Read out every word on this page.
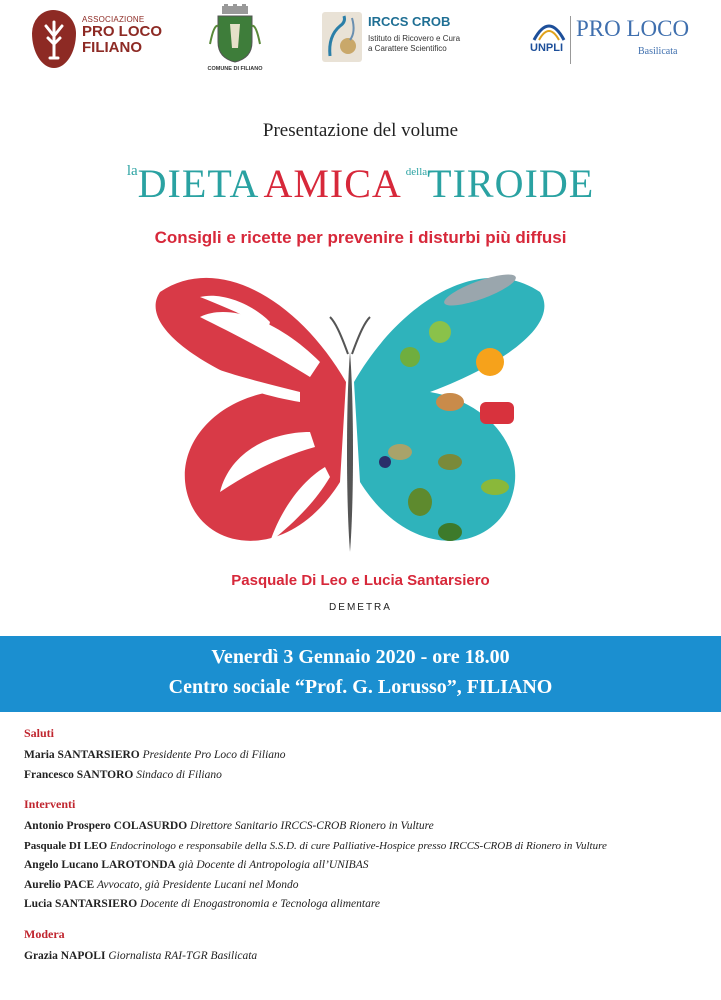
ASSOCIAZIONE
PRO LOCO
FILIANO
COMUNE DI FILIANO
IRCCS CROB
Istituto di Ricovero e Cura
a Carattere Scientifico	UNPLI
PRO LOCO
Basilicata
Presentazione del volume
laDIETA AMICA $^{della}$TIROIDE
Consigli e ricette per prevenire i disturbi più diffusi
Pasquale Di Leo e Lucia Santarsiero
DEMETRA
Venerdì 3 Gennaio 2020 - ore 18.00
Centro sociale “Prof. G. Lorusso”, FILIANO
Saluti
Maria SANTARSIERO Presidente Pro Loco di Filiano
Francesco SANTORO Sindaco di Filiano
Interventi
Antonio Prospero COLASURDO Direttore Sanitario IRCCS-CROB Rionero in Vulture
Pasquale DI LEO Endocrinologo e responsabile della S.S.D. di cure Palliative-Hospice presso IRCCS-CROB di Rionero in Vulture
Angelo Lucano LAROTONDA già Docente di Antropologia all’UNIBAS
Aurelio PACE Avvocato, già Presidente Lucani nel Mondo
Lucia SANTARSIERO Docente di Enogastronomia e Tecnologa alimentare
Modera
Grazia NAPOLI Giornalista RAI-TGR Basilicata
